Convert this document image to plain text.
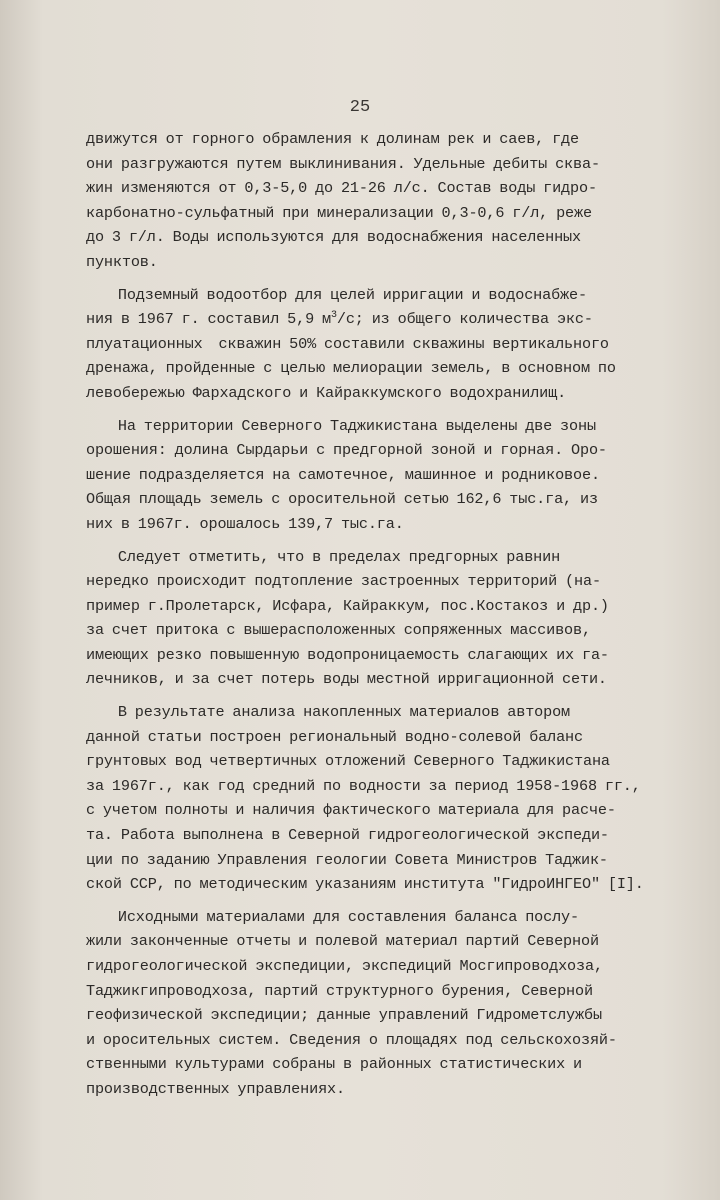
25
движутся от горного обрамления к долинам рек и саев, где
они разгружаются путем выклинивания. Удельные дебиты сква-
жин изменяются от 0,3-5,0 до 21-26 л/с. Состав воды гидро-
карбонатно-сульфатный при минерализации 0,3-0,6 г/л, реже
до 3 г/л. Воды используются для водоснабжения населенных
пунктов.
Подземный водоотбор для целей ирригации и водоснабже-
ния в 1967 г. составил 5,9 $м^3/с$; из общего количества экс-
плуатационных  скважин 50% составили скважины вертикального
дренажа, пройденные с целью мелиорации земель, в основном по
левобережью Фархадского и Кайраккумского водохранилищ.
На территории Северного Таджикистана выделены две зоны
орошения: долина Сырдарьи с предгорной зоной и горная. Оро-
шение подразделяется на самотечное, машинное и родниковое.
Общая площадь земель с оросительной сетью 162,6 тыс.га, из
них в 1967г. орошалось 139,7 тыс.га.
Следует отметить, что в пределах предгорных равнин
нередко происходит подтопление застроенных территорий (на-
пример г.Пролетарск, Исфара, Кайраккум, пос.Костакоз и др.)
за счет притока с вышерасположенных сопряженных массивов,
имеющих резко повышенную водопроницаемость слагающих их га-
лечников, и за счет потерь воды местной ирригационной сети.
В результате анализа накопленных материалов автором
данной статьи построен региональный водно-солевой баланс
грунтовых вод четвертичных отложений Северного Таджикистана
за 1967г., как год средний по водности за период 1958-1968 гг.,
с учетом полноты и наличия фактического материала для расче-
та. Работа выполнена в Северной гидрогеологической экспеди-
ции по заданию Управления геологии Совета Министров Таджик-
ской ССР, по методическим указаниям института "ГидроИНГЕО" [I].
Исходными материалами для составления баланса послу-
жили законченные отчеты и полевой материал партий Северной
гидрогеологической экспедиции, экспедиций Мосгипроводхоза,
Таджикгипроводхоза, партий структурного бурения, Северной
геофизической экспедиции; данные управлений Гидрометслужбы
и оросительных систем. Сведения о площадях под сельскохозяй-
ственными культурами собраны в районных статистических и
производственных управлениях.
